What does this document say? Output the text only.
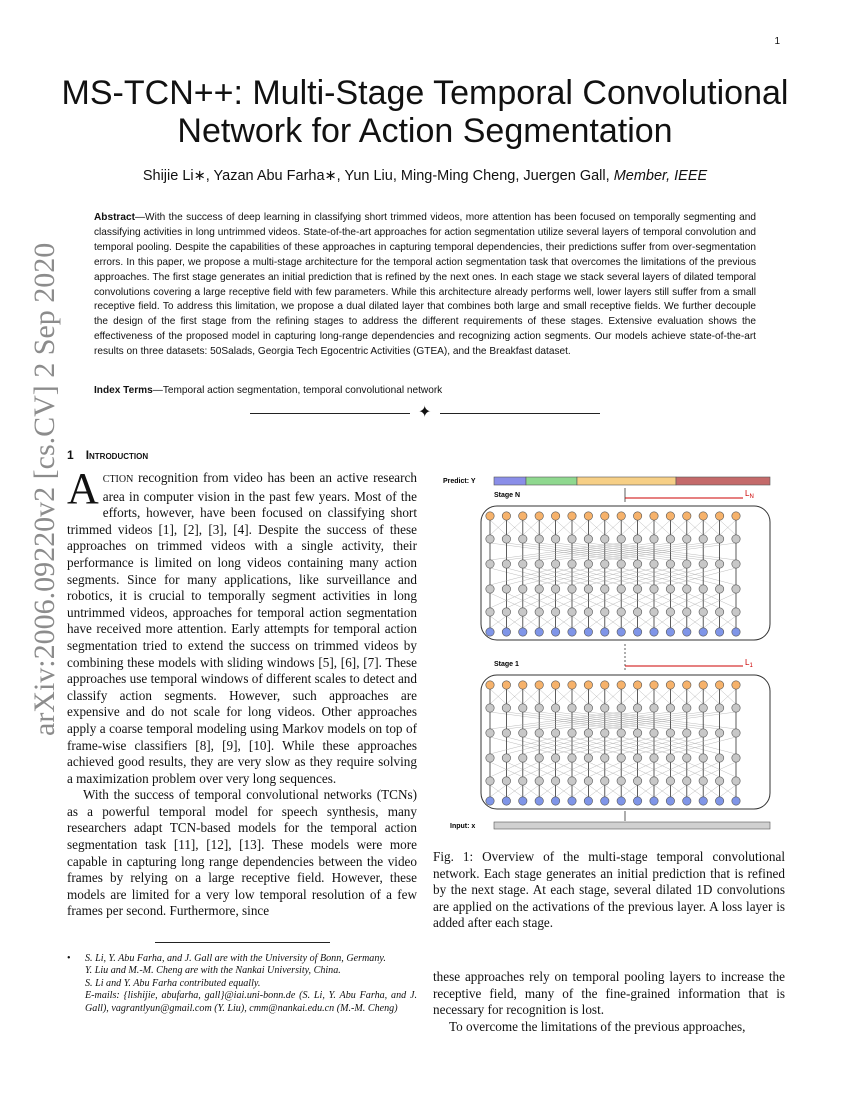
1
MS-TCN++: Multi-Stage Temporal Convolutional Network for Action Segmentation
Shijie Li∗, Yazan Abu Farha∗, Yun Liu, Ming-Ming Cheng, Juergen Gall, Member, IEEE
Abstract—With the success of deep learning in classifying short trimmed videos, more attention has been focused on temporally segmenting and classifying activities in long untrimmed videos. State-of-the-art approaches for action segmentation utilize several layers of temporal convolution and temporal pooling. Despite the capabilities of these approaches in capturing temporal dependencies, their predictions suffer from over-segmentation errors. In this paper, we propose a multi-stage architecture for the temporal action segmentation task that overcomes the limitations of the previous approaches. The first stage generates an initial prediction that is refined by the next ones. In each stage we stack several layers of dilated temporal convolutions covering a large receptive field with few parameters. While this architecture already performs well, lower layers still suffer from a small receptive field. To address this limitation, we propose a dual dilated layer that combines both large and small receptive fields. We further decouple the design of the first stage from the refining stages to address the different requirements of these stages. Extensive evaluation shows the effectiveness of the proposed model in capturing long-range dependencies and recognizing action segments. Our models achieve state-of-the-art results on three datasets: 50Salads, Georgia Tech Egocentric Activities (GTEA), and the Breakfast dataset.
Index Terms—Temporal action segmentation, temporal convolutional network
✦
arXiv:2006.09220v2 [cs.CV] 2 Sep 2020 1 Introduction

ACTION recognition from video has been an active research area in computer vision in the past few years. Most of the efforts, however, have been focused on classifying short trimmed videos [1], [2], [3], [4]. Despite the success of these approaches on trimmed videos with a single activity, their performance is limited on long videos containing many action segments. Since for many applications, like surveillance and robotics, it is crucial to temporally segment activities in long untrimmed videos, approaches for temporal action segmentation have received more attention. Early attempts for temporal action segmentation tried to extend the success on trimmed videos by combining these models with sliding windows [5], [6], [7]. These approaches use temporal windows of different scales to detect and classify action segments. However, such approaches are expensive and do not scale for long videos. Other approaches apply a coarse temporal modeling using Markov models on top of frame-wise classifiers [8], [9], [10]. While these approaches achieved good results, they are very slow as they require solving a maximization problem over very long sequences.

With the success of temporal convolutional networks (TCNs) as a powerful temporal model for speech synthesis, many researchers adapt TCN-based models for the temporal action segmentation task [11], [12], [13]. These models were more capable in capturing long range dependencies between the video frames by relying on a large receptive field. However, these models are limited for a very low temporal resolution of a few frames per second. Furthermore, since

• S. Li, Y. Abu Farha, and J. Gall are with the University of Bonn, Germany.
Y. Liu and M.-M. Cheng are with the Nankai University, China.
S. Li and Y. Abu Farha contributed equally.
E-mails: {lishijie, abufarha, gall}@iai.uni-bonn.de (S. Li, Y. Abu Farha, and J. Gall), vagrantlyun@gmail.com (Y. Liu), cmm@nankai.edu.cn (M.-M. Cheng)
Predict: Y
Stage N
Stage 1
$L_N$
$L_1$
Input: x
Fig. 1: Overview of the multi-stage temporal convolutional network. Each stage generates an initial prediction that is refined by the next stage. At each stage, several dilated 1D convolutions are applied on the activations of the previous layer. A loss layer is added after each stage.

these approaches rely on temporal pooling layers to increase the receptive field, many of the fine-grained information that is necessary for recognition is lost.

To overcome the limitations of the previous approaches,
